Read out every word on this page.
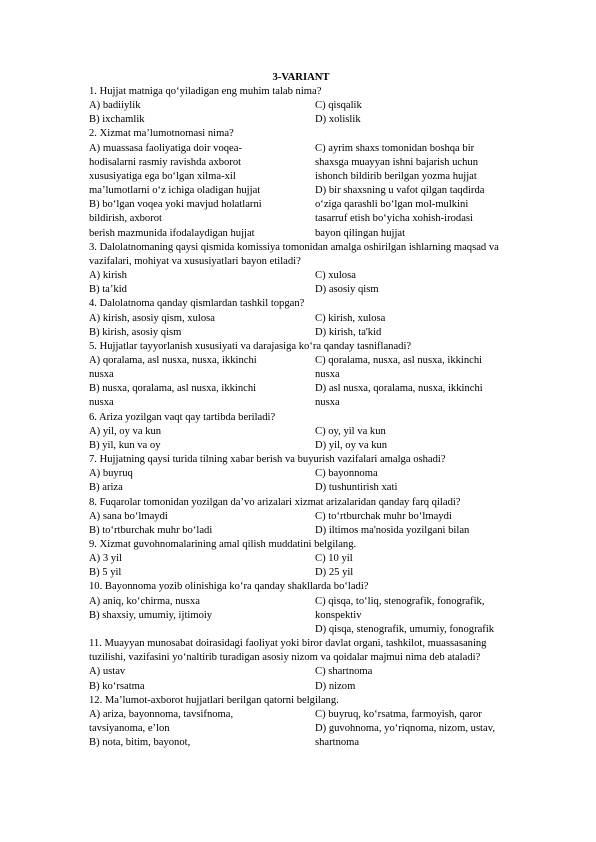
3-VARIANT
1. Hujjat matniga qo‘yiladigan eng muhim talab nima?
A) badiiylik	C) qisqalik
B) ixchamlik	D) xolislik
2. Xizmat ma’lumotnomasi nima?
A) muassasa faoliyatiga doir voqea-	C) ayrim shaxs tomonidan boshqa bir
hodisalarni rasmiy ravishda axborot	shaxsga muayyan ishni bajarish uchun
xususiyatiga ega bo‘lgan xilma-xil	ishonch bildirib berilgan yozma hujjat
ma’lumotlarni o‘z ichiga oladigan hujjat	D) bir shaxsning u vafot qilgan taqdirda
B) bo‘lgan voqea yoki mavjud holatlarni	o‘ziga qarashli bo‘lgan mol-mulkini
bildirish, axborot	tasarruf etish bo‘yicha xohish-irodasi
berish mazmunida ifodalaydigan hujjat	bayon qilingan hujjat
3. Dalolatnomaning qaysi qismida komissiya tomonidan amalga oshirilgan ishlarning maqsad va vazifalari, mohiyat va xususiyatlari bayon etiladi?
A) kirish	C) xulosa
B) ta’kid	D) asosiy qism
4. Dalolatnoma qanday qismlardan tashkil topgan?
A) kirish, asosiy qism, xulosa	C) kirish, xulosa
B) kirish, asosiy qism	D) kirish, ta'kid
5. Hujjatlar tayyorlanish xususiyati va darajasiga ko‘ra qanday tasniflanadi?
A) qoralama, asl nusxa, nusxa, ikkinchi	C) qoralama, nusxa, asl nusxa, ikkinchi
nusxa	nusxa
B) nusxa, qoralama, asl nusxa, ikkinchi	D) asl nusxa, qoralama, nusxa, ikkinchi
nusxa	nusxa
6. Ariza yozilgan vaqt qay tartibda beriladi?
A) yil, oy va kun	C) oy, yil va kun
B) yil, kun va oy	D) yil, oy va kun
7. Hujjatning qaysi turida tilning xabar berish va buyurish vazifalari amalga oshadi?
A) buyruq	C) bayonnoma
B) ariza	D) tushuntirish xati
8. Fuqarolar tomonidan yozilgan da’vo arizalari xizmat arizalaridan qanday farq qiladi?
A) sana bo‘lmaydi	C) to‘rtburchak muhr bo‘lmaydi
B) to‘rtburchak muhr bo‘ladi	D) iltimos ma'nosida yozilgani bilan
9. Xizmat guvohnomalarining amal qilish muddatini belgilang.
A) 3 yil	C) 10 yil
B) 5 yil	D) 25 yil
10. Bayonnoma yozib olinishiga ko‘ra qanday shakllarda bo‘ladi?
A) aniq, ko‘chirma, nusxa	C) qisqa, to‘liq, stenografik, fonografik,
B) shaxsiy, umumiy, ijtimoiy	konspektiv
D) qisqa, stenografik, umumiy, fonografik
11. Muayyan munosabat doirasidagi faoliyat yoki biror davlat organi, tashkilot, muassasaning tuzilishi, vazifasini yo‘naltirib turadigan asosiy nizom va qoidalar majmui nima deb ataladi?
A) ustav	C) shartnoma
B) ko‘rsatma	D) nizom
12. Ma’lumot-axborot hujjatlari berilgan qatorni belgilang.
A) ariza, bayonnoma, tavsifnoma,	C) buyruq, ko‘rsatma, farmoyish, qaror
tavsiyanoma, e’lon	D) guvohnoma, yo‘riqnoma, nizom, ustav,
B) nota, bitim, bayonot,	shartnoma
